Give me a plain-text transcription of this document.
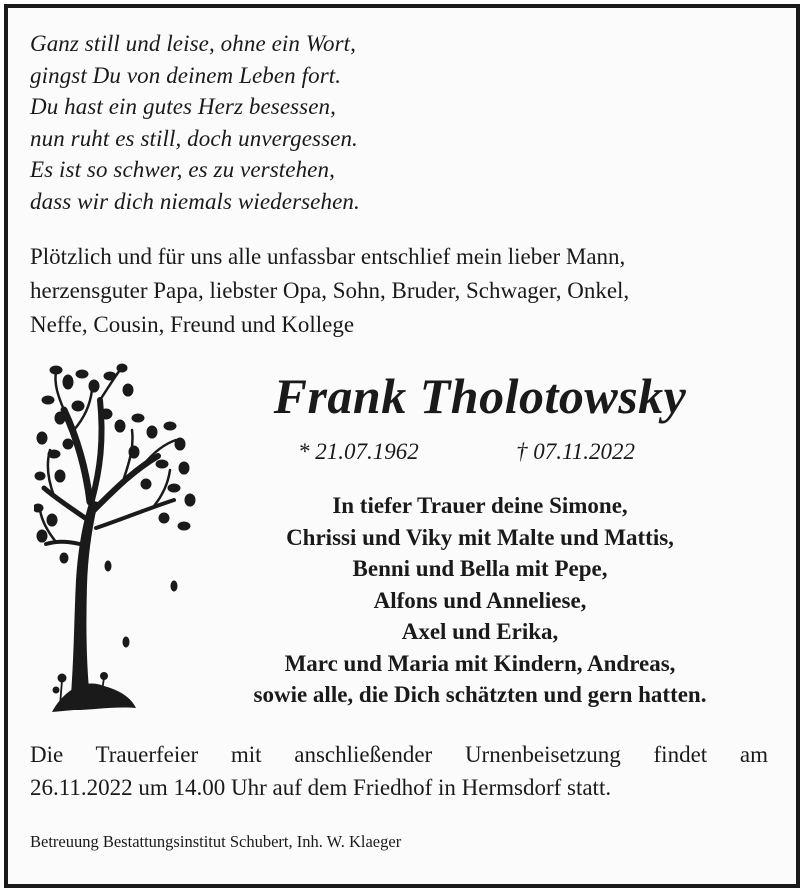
Ganz still und leise, ohne ein Wort,
gingst Du von deinem Leben fort.
Du hast ein gutes Herz besessen,
nun ruht es still, doch unvergessen.
Es ist so schwer, es zu verstehen,
dass wir dich niemals wiedersehen.
Plötzlich und für uns alle unfassbar entschlief mein lieber Mann,
herzensguter Papa, liebster Opa, Sohn, Bruder, Schwager, Onkel,
Neffe, Cousin, Freund und Kollege
Frank Tholotowsky
* 21.07.1962	† 07.11.2022
In tiefer Trauer deine Simone,
Chrissi und Viky mit Malte und Mattis,
Benni und Bella mit Pepe,
Alfons und Anneliese,
Axel und Erika,
Marc und Maria mit Kindern, Andreas,
sowie alle, die Dich schätzten und gern hatten.
Die Trauerfeier mit anschließender Urnenbeisetzung findet am
26.11.2022 um 14.00 Uhr auf dem Friedhof in Hermsdorf statt.
Betreuung Bestattungsinstitut Schubert, Inh. W. Klaeger
